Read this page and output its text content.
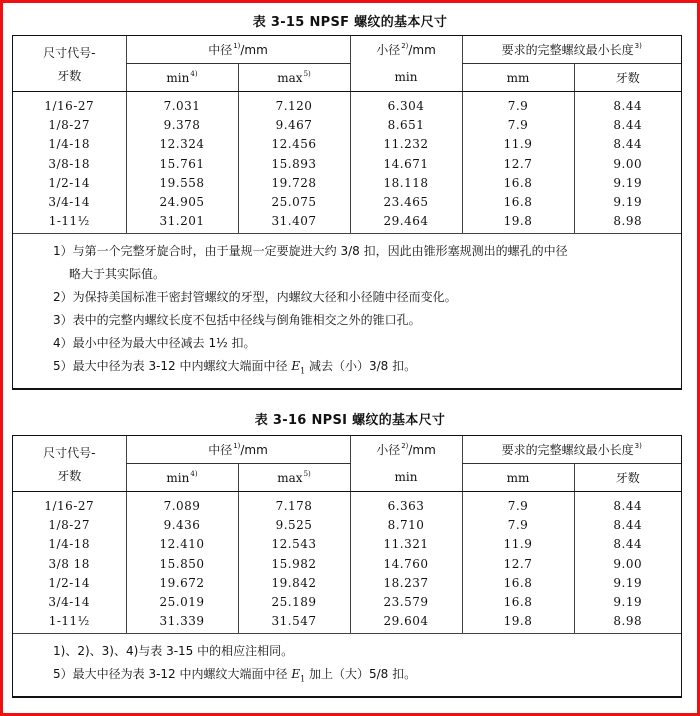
表 3-15 NPSF 螺纹的基本尺寸
尺寸代号-
牙数	中径$^{1)}$/mm		小径$^{2)}$/mm	要求的完整螺纹最小长度$^{3)}$
	$\min^{4)}$	$\max^{5)}$	min	mm	牙数
1/16-27	7.031	7.120	6.304	7.9	8.44
1/8-27	9.378	9.467	8.651	7.9	8.44
1/4-18	12.324	12.456	11.232	11.9	8.44
3/8-18	15.761	15.893	14.671	12.7	9.00
1/2-14	19.558	19.728	18.118	16.8	9.19
3/4-14	24.905	25.075	23.465	16.8	9.19
1-11½	31.201	31.407	29.464	19.8	8.98
1）与第一个完整牙旋合时，由于量规一定要旋进大约 3/8 扣，因此由锥形塞规测出的螺孔的中径
略大于其实际值。
2）为保持美国标准干密封管螺纹的牙型，内螺纹大径和小径随中径而变化。
3）表中的完整内螺纹长度不包括中径线与倒角锥相交之外的锥口孔。
4）最小中径为最大中径减去 1½ 扣。
5）最大中径为表 3-12 中内螺纹大端面中径 $E_1$ 减去（小）3/8 扣。
表 3-16 NPSI 螺纹的基本尺寸
尺寸代号-
牙数	中径$^{1)}$/mm		小径$^{2)}$/mm	要求的完整螺纹最小长度$^{3)}$
	$\min^{4)}$	$\max^{5)}$	min	mm	牙数
1/16-27	7.089	7.178	6.363	7.9	8.44
1/8-27	9.436	9.525	8.710	7.9	8.44
1/4-18	12.410	12.543	11.321	11.9	8.44
3/8 18	15.850	15.982	14.760	12.7	9.00
1/2-14	19.672	19.842	18.237	16.8	9.19
3/4-14	25.019	25.189	23.579	16.8	9.19
1-11½	31.339	31.547	29.604	19.8	8.98
1)、2)、3)、4)与表 3-15 中的相应注相同。
5）最大中径为表 3-12 中内螺纹大端面中径 $E_1$ 加上（大）5/8 扣。
